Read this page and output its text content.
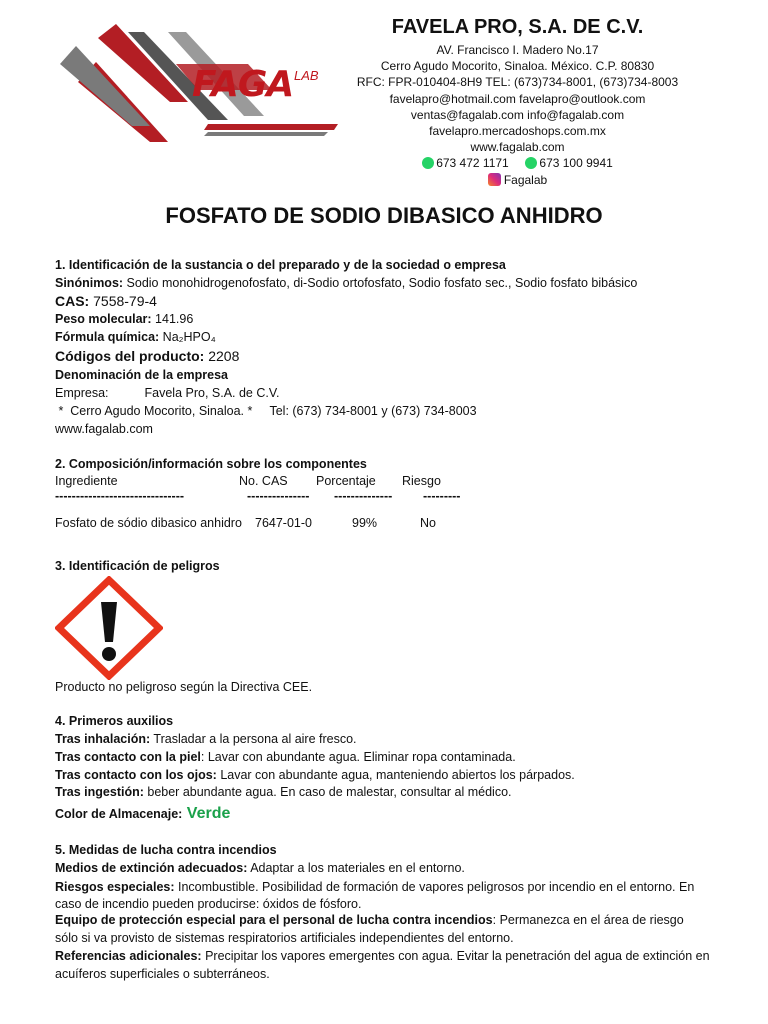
FAGA LAB
FAVELA PRO, S.A. DE C.V.
AV. Francisco I. Madero No.17
Cerro Agudo Mocorito, Sinaloa. México. C.P. 80830
RFC: FPR-010404-8H9 TEL: (673)734-8001, (673)734-8003
favelapro@hotmail.com favelapro@outlook.com
ventas@fagalab.com info@fagalab.com
favelapro.mercadoshops.com.mx
www.fagalab.com
673 472 1171	673 100 9941
Fagalab
FOSFATO DE SODIO DIBASICO ANHIDRO
1. Identificación de la sustancia o del preparado y de la sociedad o empresa
Sinónimos: Sodio monohidrogenofosfato, di-Sodio ortofosfato, Sodio fosfato sec., Sodio fosfato bibásico
CAS: 7558-79-4
Peso molecular: 141.96
Fórmula química: Na₂HPO₄
Códigos del producto: 2208
Denominación de la empresa
Empresa:	Favela Pro, S.A. de C.V.
*  Cerro Agudo Mocorito, Sinaloa. *     Tel: (673) 734-8001 y (673) 734-8003
www.fagalab.com
2. Composición/información sobre los componentes
Ingrediente	No. CAS Porcentaje Riesgo
-------------------------------	--------------- -------------- ---------
Fosfato de sódio dibasico anhidro 7647-01-0	99%	No
3. Identificación de peligros
Producto no peligroso según la Directiva CEE.
4. Primeros auxilios
Tras inhalación: Trasladar a la persona al aire fresco.
Tras contacto con la piel: Lavar con abundante agua. Eliminar ropa contaminada.
Tras contacto con los ojos: Lavar con abundante agua, manteniendo abiertos los párpados.
Tras ingestión: beber abundante agua. En caso de malestar, consultar al médico.
Color de Almacenaje: Verde
5. Medidas de lucha contra incendios
Medios de extinción adecuados: Adaptar a los materiales en el entorno.
Riesgos especiales: Incombustible. Posibilidad de formación de vapores peligrosos por incendio en el entorno. En
caso de incendio pueden producirse: óxidos de fósforo.
Equipo de protección especial para el personal de lucha contra incendios: Permanezca en el área de riesgo
sólo si va provisto de sistemas respiratorios artificiales independientes del entorno.
Referencias adicionales: Precipitar los vapores emergentes con agua. Evitar la penetración del agua de extinción en
acuíferos superficiales o subterráneos.
